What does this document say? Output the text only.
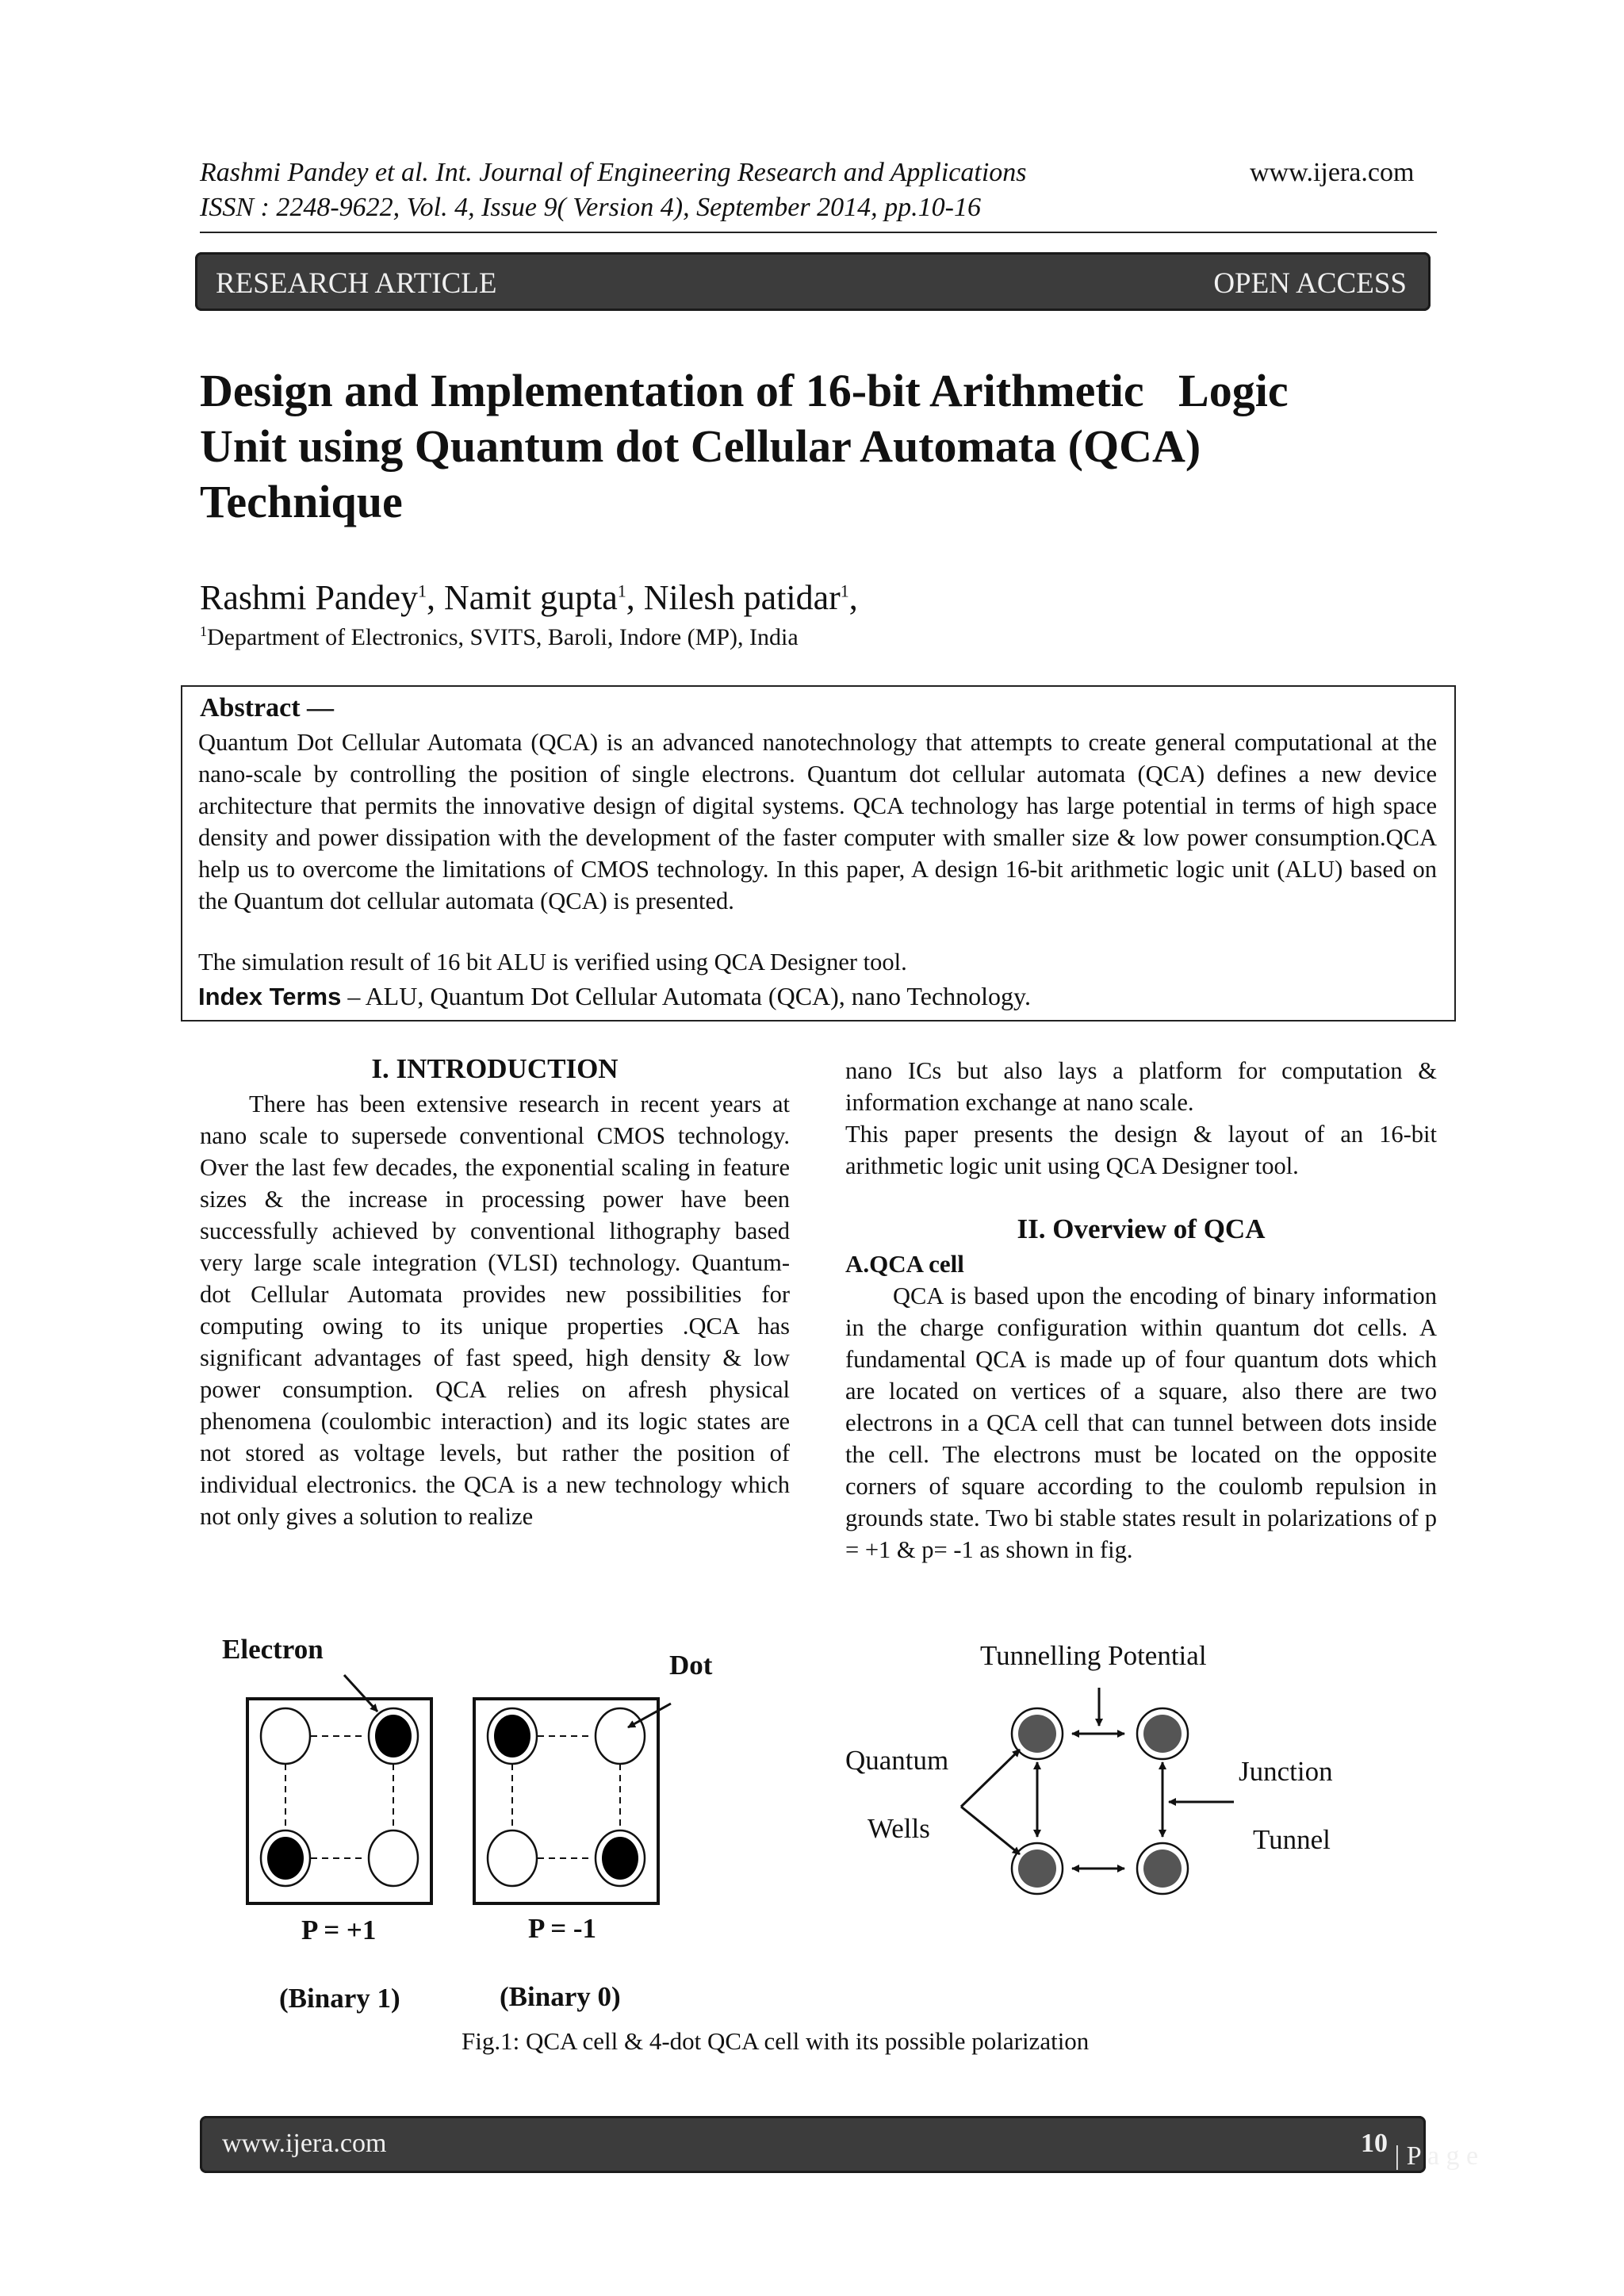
Rashmi Pandey et al. Int. Journal of Engineering Research and Applications
ISSN : 2248-9622, Vol. 4, Issue 9( Version 4), September 2014, pp.10-16
www.ijera.com
RESEARCH ARTICLE	OPEN ACCESS
Design and Implementation of 16-bit Arithmetic   Logic
Unit using Quantum dot Cellular Automata (QCA)
Technique
Rashmi Pandey$^1$, Namit gupta$^1$, Nilesh patidar$^1$,
$^1$Department of Electronics, SVITS, Baroli, Indore (MP), India
Abstract —

Quantum Dot Cellular Automata (QCA) is an advanced nanotechnology that attempts to create general computational at the nano-scale by controlling the position of single electrons. Quantum dot cellular automata (QCA) defines a new device architecture that permits the innovative design of digital systems. QCA technology has large potential in terms of high space density and power dissipation with the development of the faster computer with smaller size & low power consumption.QCA help us to overcome the limitations of CMOS technology. In this paper, A design 16-bit arithmetic logic unit (ALU) based on the Quantum dot cellular automata (QCA) is presented.

The simulation result of 16 bit ALU is verified using QCA Designer tool.
Index Terms – ALU, Quantum Dot Cellular Automata (QCA), nano Technology.
I. INTRODUCTION
There has been extensive research in recent years at nano scale to supersede conventional CMOS technology. Over the last few decades, the exponential scaling in feature sizes & the increase in processing power have been successfully achieved by conventional lithography based very large scale integration (VLSI) technology. Quantum-dot Cellular Automata provides new possibilities for computing owing to its unique properties .QCA has significant advantages of fast speed, high density & low power consumption. QCA relies on afresh physical phenomena (coulombic interaction) and its logic states are not stored as voltage levels, but rather the position of individual electronics. the QCA is a new technology which not only gives a solution to realize

nano ICs but also lays a platform for computation & information exchange at nano scale.

This paper presents the design & layout of an 16-bit arithmetic logic unit using QCA Designer tool.

II. Overview of QCA
A.QCA cell
QCA is based upon the encoding of binary information in the charge configuration within quantum dot cells. A fundamental QCA is made up of four quantum dots which are located on vertices of a square, also there are two electrons in a QCA cell that can tunnel between dots inside the cell. The electrons must be located on the opposite corners of square according to the coulomb repulsion in grounds state. Two bi stable states result in polarizations of p = +1 & p= -1 as shown in fig.
Electron
Dot
P = +1	P = -1
(Binary 1)	(Binary 0)
Tunnelling Potential
Quantum
Wells
Junction
Tunnel
Fig.1: QCA cell & 4-dot QCA cell with its possible polarization
www.ijera.com	10 | P a g e
